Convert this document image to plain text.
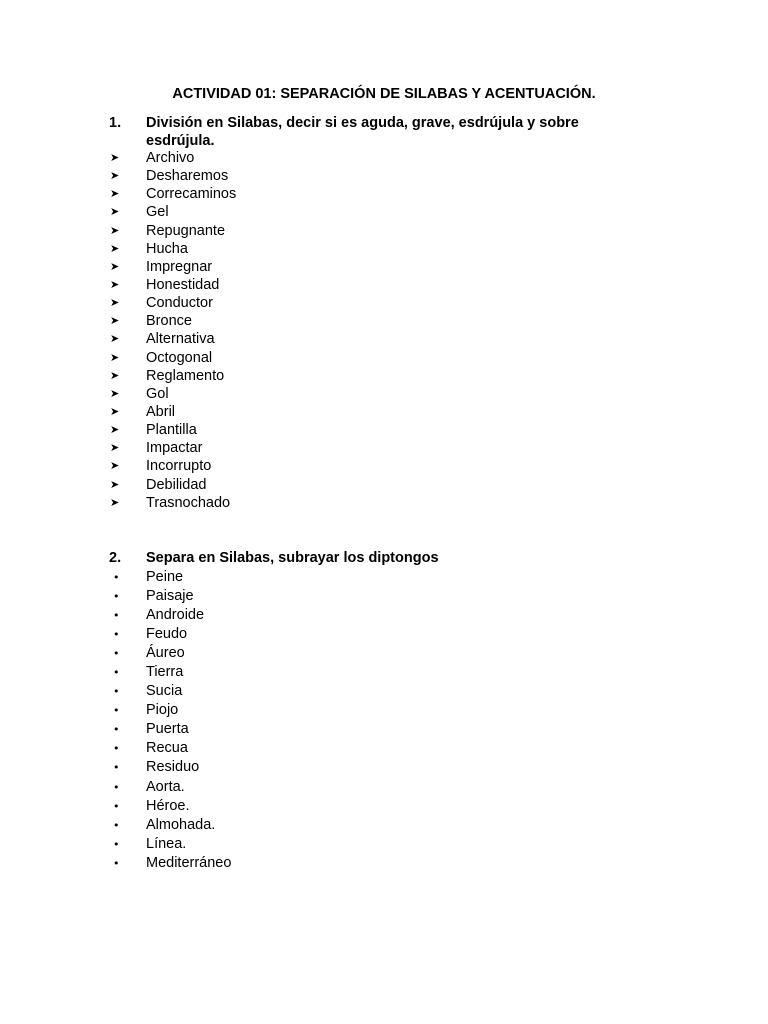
ACTIVIDAD 01: SEPARACIÓN DE SILABAS Y ACENTUACIÓN.
1. División en Silabas, decir si es aguda, grave, esdrújula y sobre esdrújula.
➤	Archivo
➤	Desharemos
➤	Correcaminos
➤	Gel
➤	Repugnante
➤	Hucha
➤	Impregnar
➤	Honestidad
➤	Conductor
➤	Bronce
➤	Alternativa
➤	Octogonal
➤	Reglamento
➤	Gol
➤	Abril
➤	Plantilla
➤	Impactar
➤	Incorrupto
➤	Debilidad
➤	Trasnochado
2. Separa en Silabas, subrayar los diptongos
•	Peine
•	Paisaje
•	Androide
•	Feudo
•	Áureo
•	Tierra
•	Sucia
•	Piojo
•	Puerta
•	Recua
•	Residuo
•	Aorta.
•	Héroe.
•	Almohada.
•	Línea.
•	Mediterráneo
